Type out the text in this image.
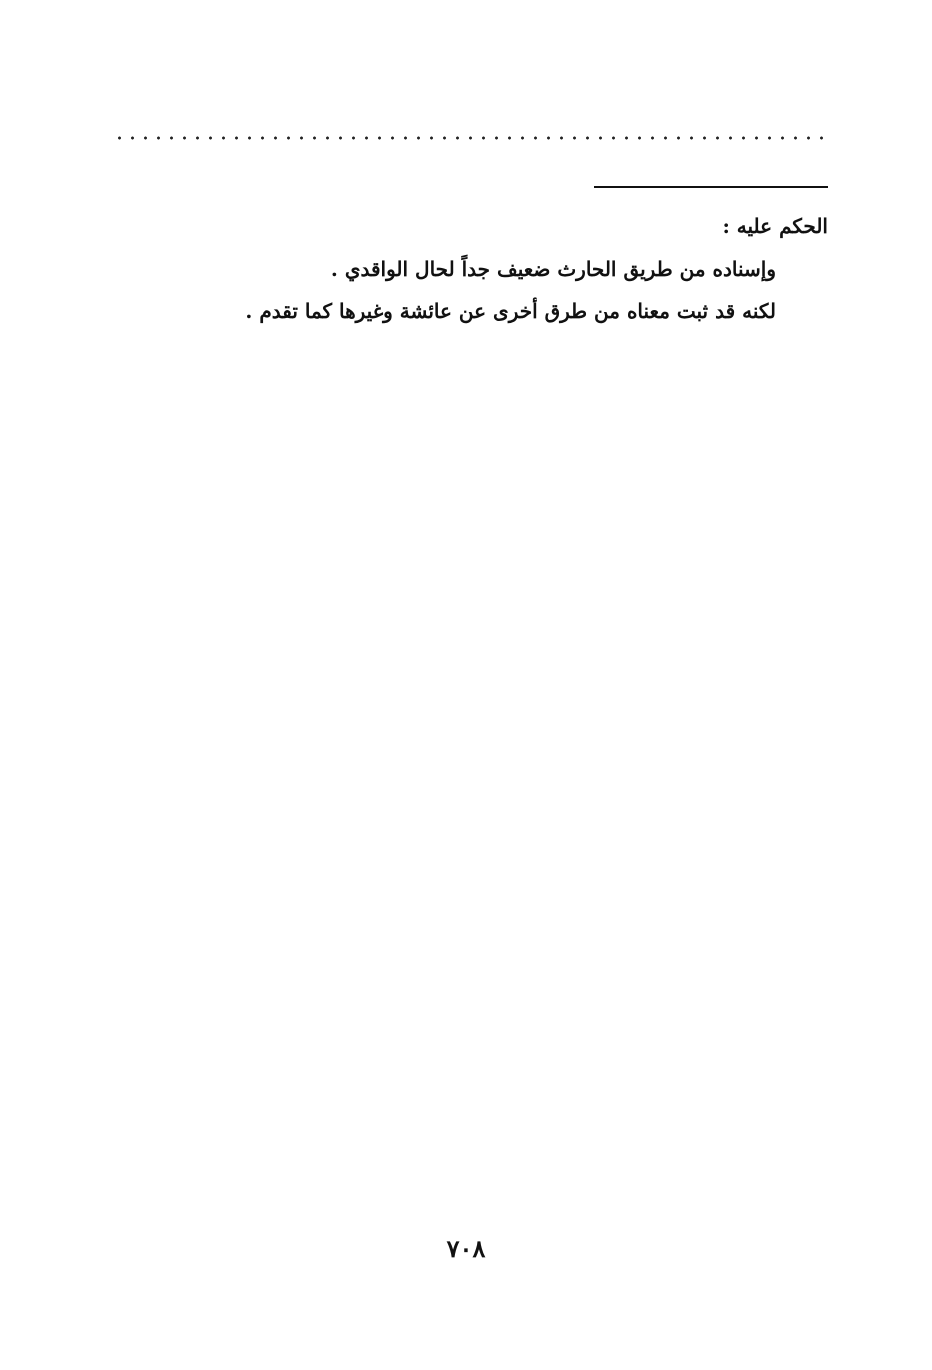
الحكم عليه :

وإسناده من طريق الحارث ضعيف جداً لحال الواقدي .

لكنه قد ثبت معناه من طرق أخرى عن عائشة وغيرها كما تقدم .

٧٠٨
